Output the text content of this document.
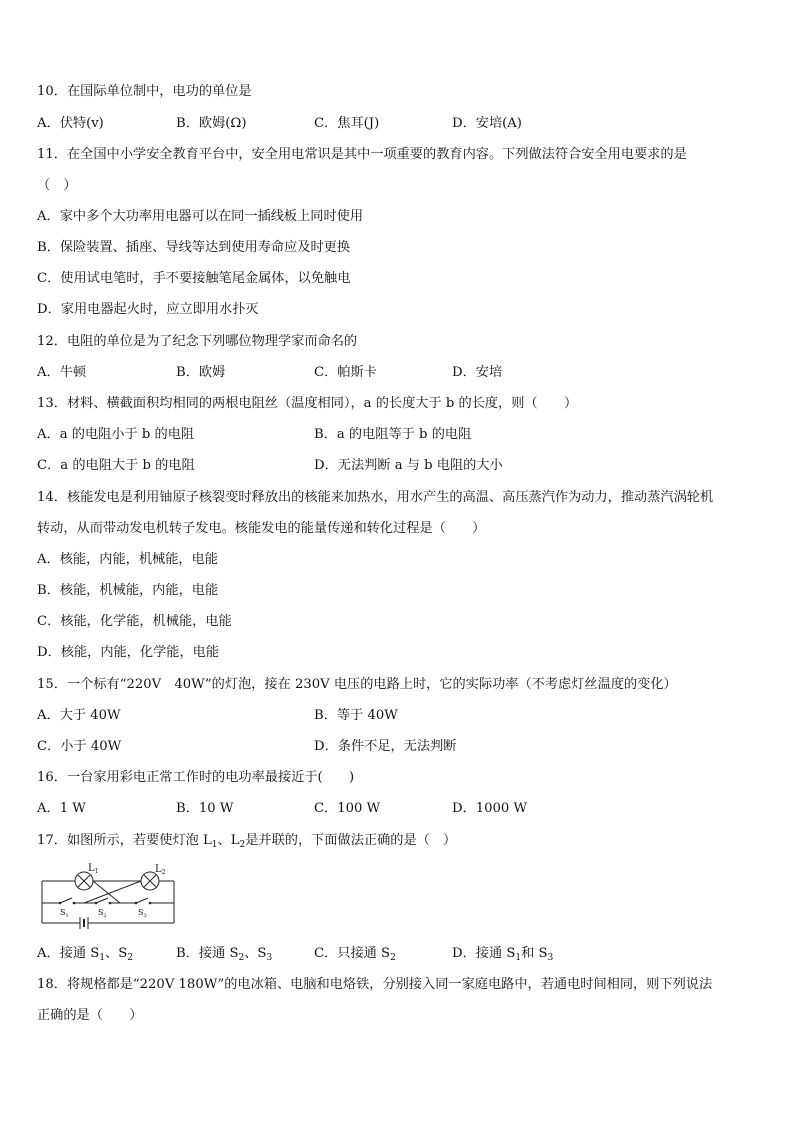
10．在国际单位制中，电功的单位是
A．伏特(v)	B．欧姆(Ω)	C．焦耳(J)	D．安培(A)
11．在全国中小学安全教育平台中，安全用电常识是其中一项重要的教育内容。下列做法符合安全用电要求的是
（　）
A．家中多个大功率用电器可以在同一插线板上同时使用
B．保险装置、插座、导线等达到使用寿命应及时更换
C．使用试电笔时，手不要接触笔尾金属体，以免触电
D．家用电器起火时，应立即用水扑灭
12．电阻的单位是为了纪念下列哪位物理学家而命名的
A．牛顿	B．欧姆	C．帕斯卡	D．安培
13．材料、横截面积均相同的两根电阻丝（温度相同），a 的长度大于 b 的长度，则（　　）
A．a 的电阻小于 b 的电阻	B．a 的电阻等于 b 的电阻
C．a 的电阻大于 b 的电阻	D．无法判断 a 与 b 电阻的大小
14．核能发电是利用铀原子核裂变时释放出的核能来加热水，用水产生的高温、高压蒸汽作为动力，推动蒸汽涡轮机
转动，从而带动发电机转子发电。核能发电的能量传递和转化过程是（　　）
A．核能，内能，机械能，电能
B．核能，机械能，内能，电能
C．核能，化学能，机械能，电能
D．核能，内能，化学能，电能
15．一个标有“220V　40W”的灯泡，接在 230V 电压的电路上时，它的实际功率（不考虑灯丝温度的变化）
A．大于 40W	B．等于 40W
C．小于 40W	D．条件不足，无法判断
16．一台家用彩电正常工作时的电功率最接近于(　　)
A．1 W	B．10 W	C．100 W	D．1000 W
17．如图所示，若要使灯泡 $L_1$、$L_2$是并联的，下面做法正确的是（　）
$L_1$	$L_2$
$S_1$	$S_2$	$S_3$
A．接通 $S_1$、$S_2$	B．接通 $S_2$、$S_3$	C．只接通 $S_2$	D．接通 $S_1$和 $S_3$
18．将规格都是“220V 180W”的电冰箱、电脑和电烙铁，分别接入同一家庭电路中，若通电时间相同，则下列说法
正确的是（　　）
